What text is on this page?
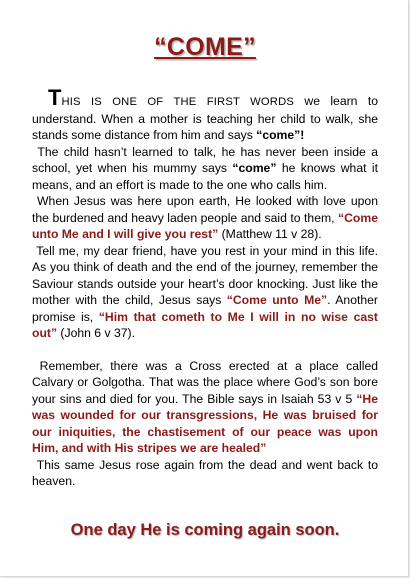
“COME”

THIS IS ONE OF THE FIRST WORDS we learn to understand. When a mother is teaching her child to walk, she stands some distance from him and says “come”!

The child hasn’t learned to talk, he has never been inside a school, yet when his mummy says “come” he knows what it means, and an effort is made to the one who calls him.

When Jesus was here upon earth, He looked with love upon the burdened and heavy laden people and said to them, “Come unto Me and I will give you rest” (Matthew 11 v 28).

Tell me, my dear friend, have you rest in your mind in this life. As you think of death and the end of the journey, remember the Saviour stands outside your heart’s door knocking. Just like the mother with the child, Jesus says “Come unto Me”. Another promise is, “Him that cometh to Me I will in no wise cast out” (John 6 v 37).

Remember, there was a Cross erected at a place called Calvary or Golgotha. That was the place where God’s son bore your sins and died for you. The Bible says in Isaiah 53 v 5 “He was wounded for our transgressions, He was bruised for our iniquities, the chastisement of our peace was upon Him, and with His stripes we are healed”

This same Jesus rose again from the dead and went back to heaven.

One day He is coming again soon.
